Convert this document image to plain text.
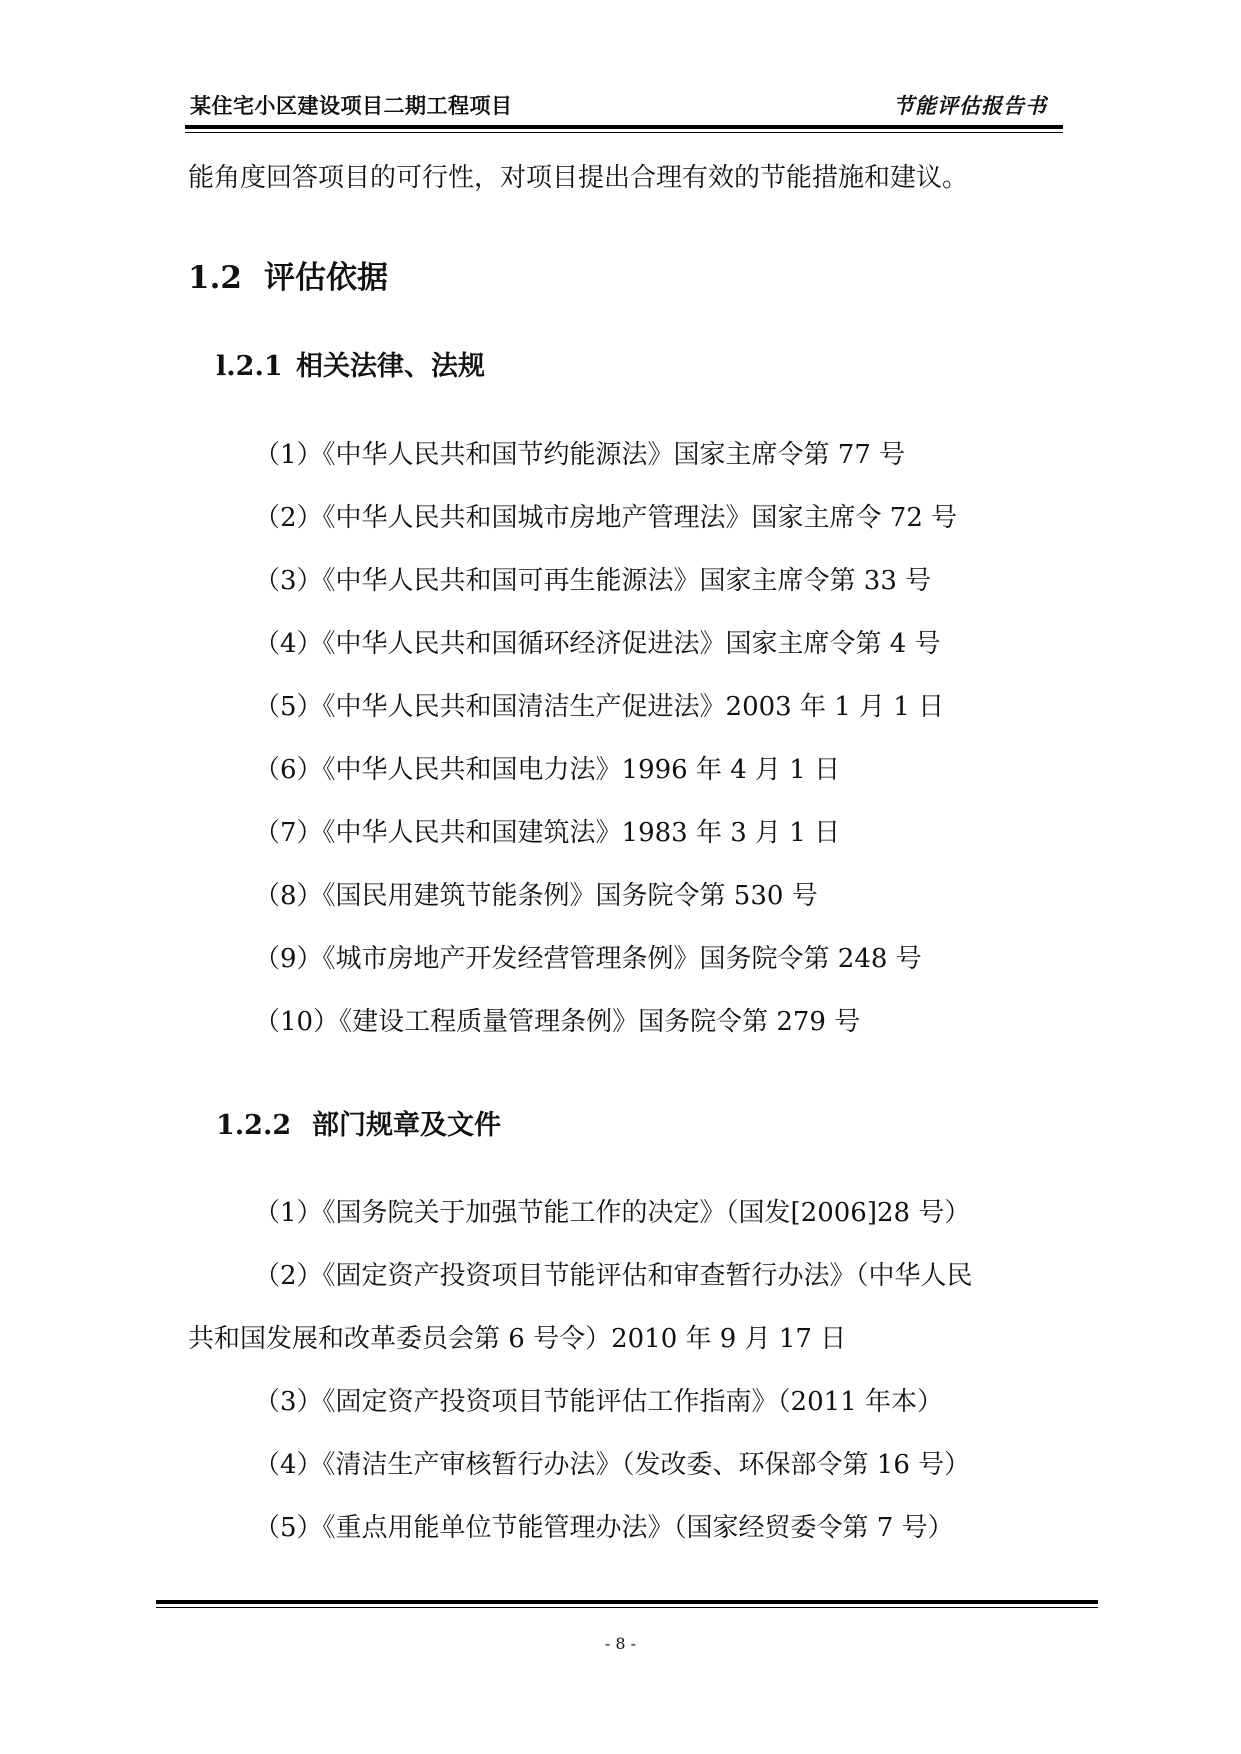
某住宅小区建设项目二期工程项目	节能评估报告书
能角度回答项目的可行性，对项目提出合理有效的节能措施和建议。
1.2 评估依据
l.2.1 相关法律、法规
（1）《中华人民共和国节约能源法》国家主席令第 77 号
（2）《中华人民共和国城市房地产管理法》国家主席令 72 号
（3）《中华人民共和国可再生能源法》国家主席令第 33 号
（4）《中华人民共和国循环经济促进法》国家主席令第 4 号
（5）《中华人民共和国清洁生产促进法》2003 年 1 月 1 日
（6）《中华人民共和国电力法》1996 年 4 月 1 日
（7）《中华人民共和国建筑法》1983 年 3 月 1 日
（8）《国民用建筑节能条例》国务院令第 530 号
（9）《城市房地产开发经营管理条例》国务院令第 248 号
（10）《建设工程质量管理条例》国务院令第 279 号
1.2.2 部门规章及文件
（1）《国务院关于加强节能工作的决定》（国发[2006]28 号）
（2）《固定资产投资项目节能评估和审查暂行办法》（中华人民
共和国发展和改革委员会第 6 号令）2010 年 9 月 17 日
（3）《固定资产投资项目节能评估工作指南》（2011 年本）
（4）《清洁生产审核暂行办法》（发改委、环保部令第 16 号）
（5）《重点用能单位节能管理办法》（国家经贸委令第 7 号）
- 8 -
